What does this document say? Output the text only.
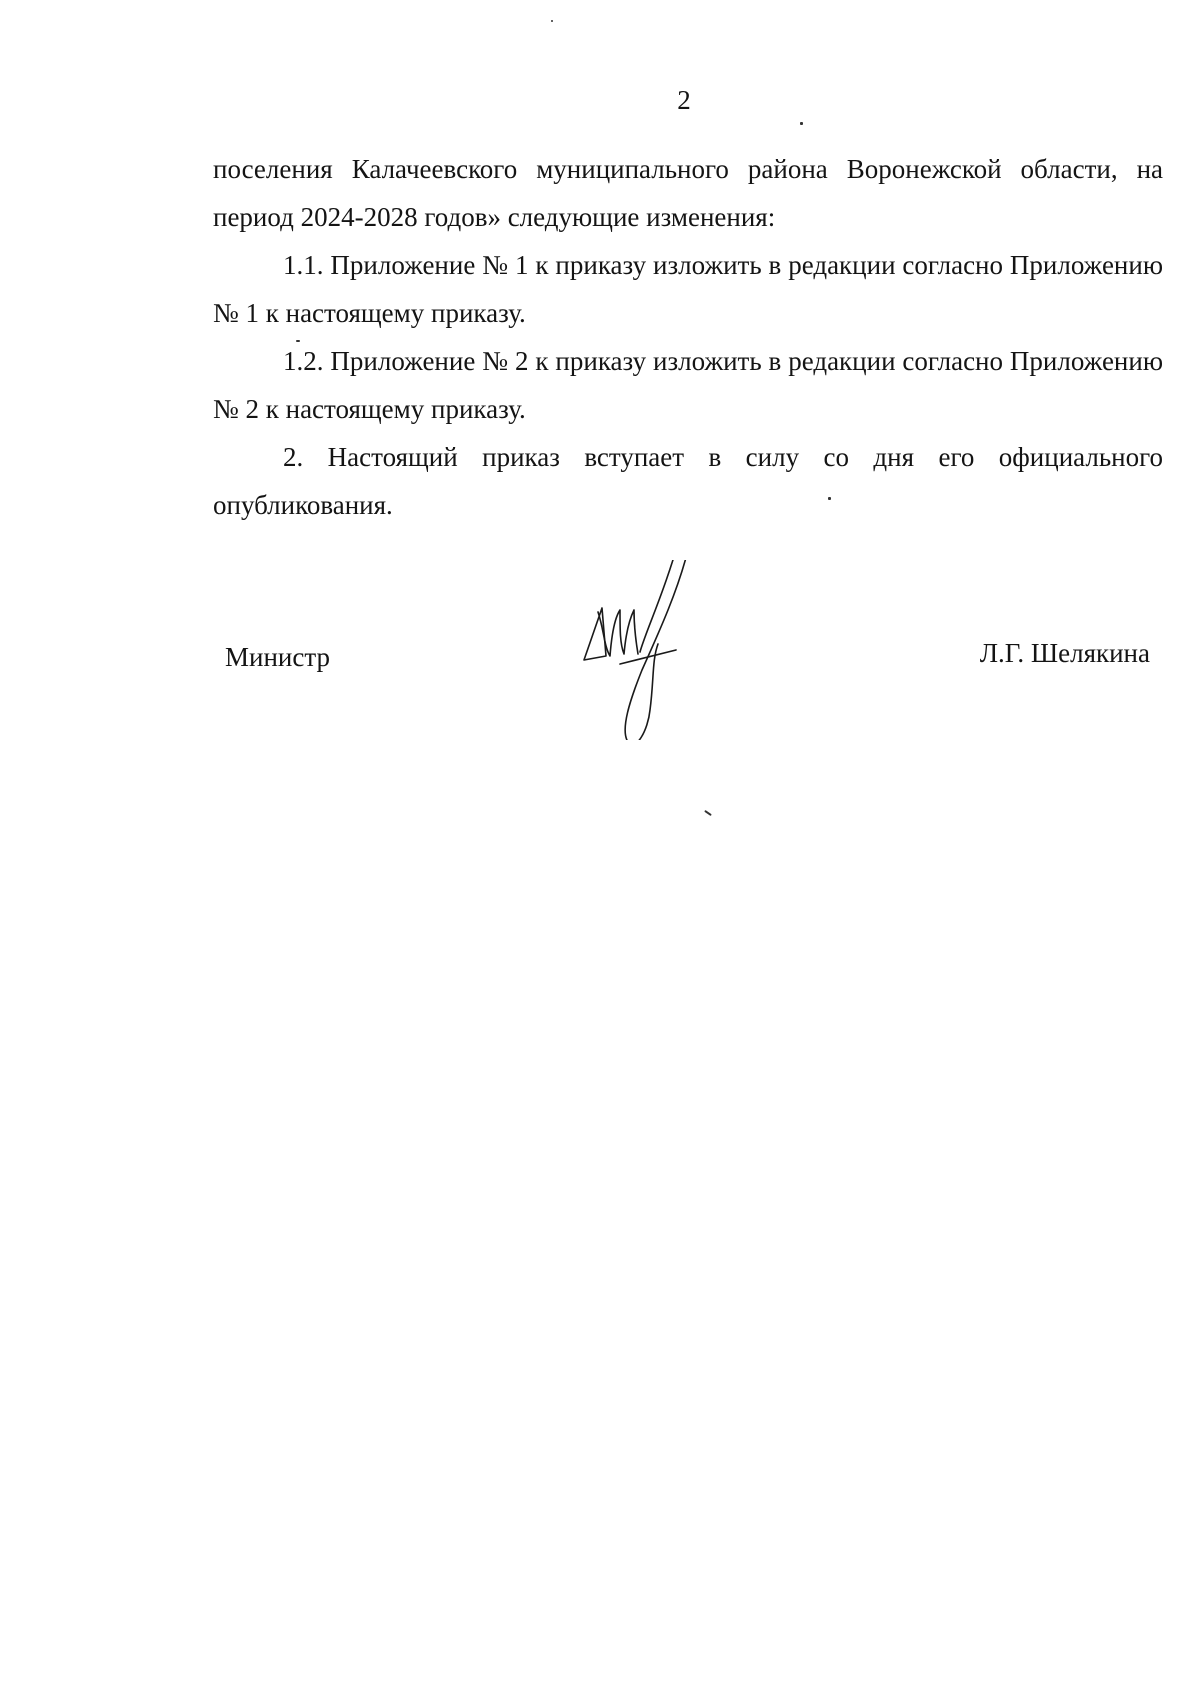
2

поселения Калачеевского муниципального района Воронежской области, на период 2024-2028 годов» следующие изменения:

1.1. Приложение № 1 к приказу изложить в редакции согласно Приложению № 1 к настоящему приказу.

1.2. Приложение № 2 к приказу изложить в редакции согласно Приложению № 2 к настоящему приказу.

2. Настоящий приказ вступает в силу со дня его официального опубликования.

Министр	Л.Г. Шелякина
